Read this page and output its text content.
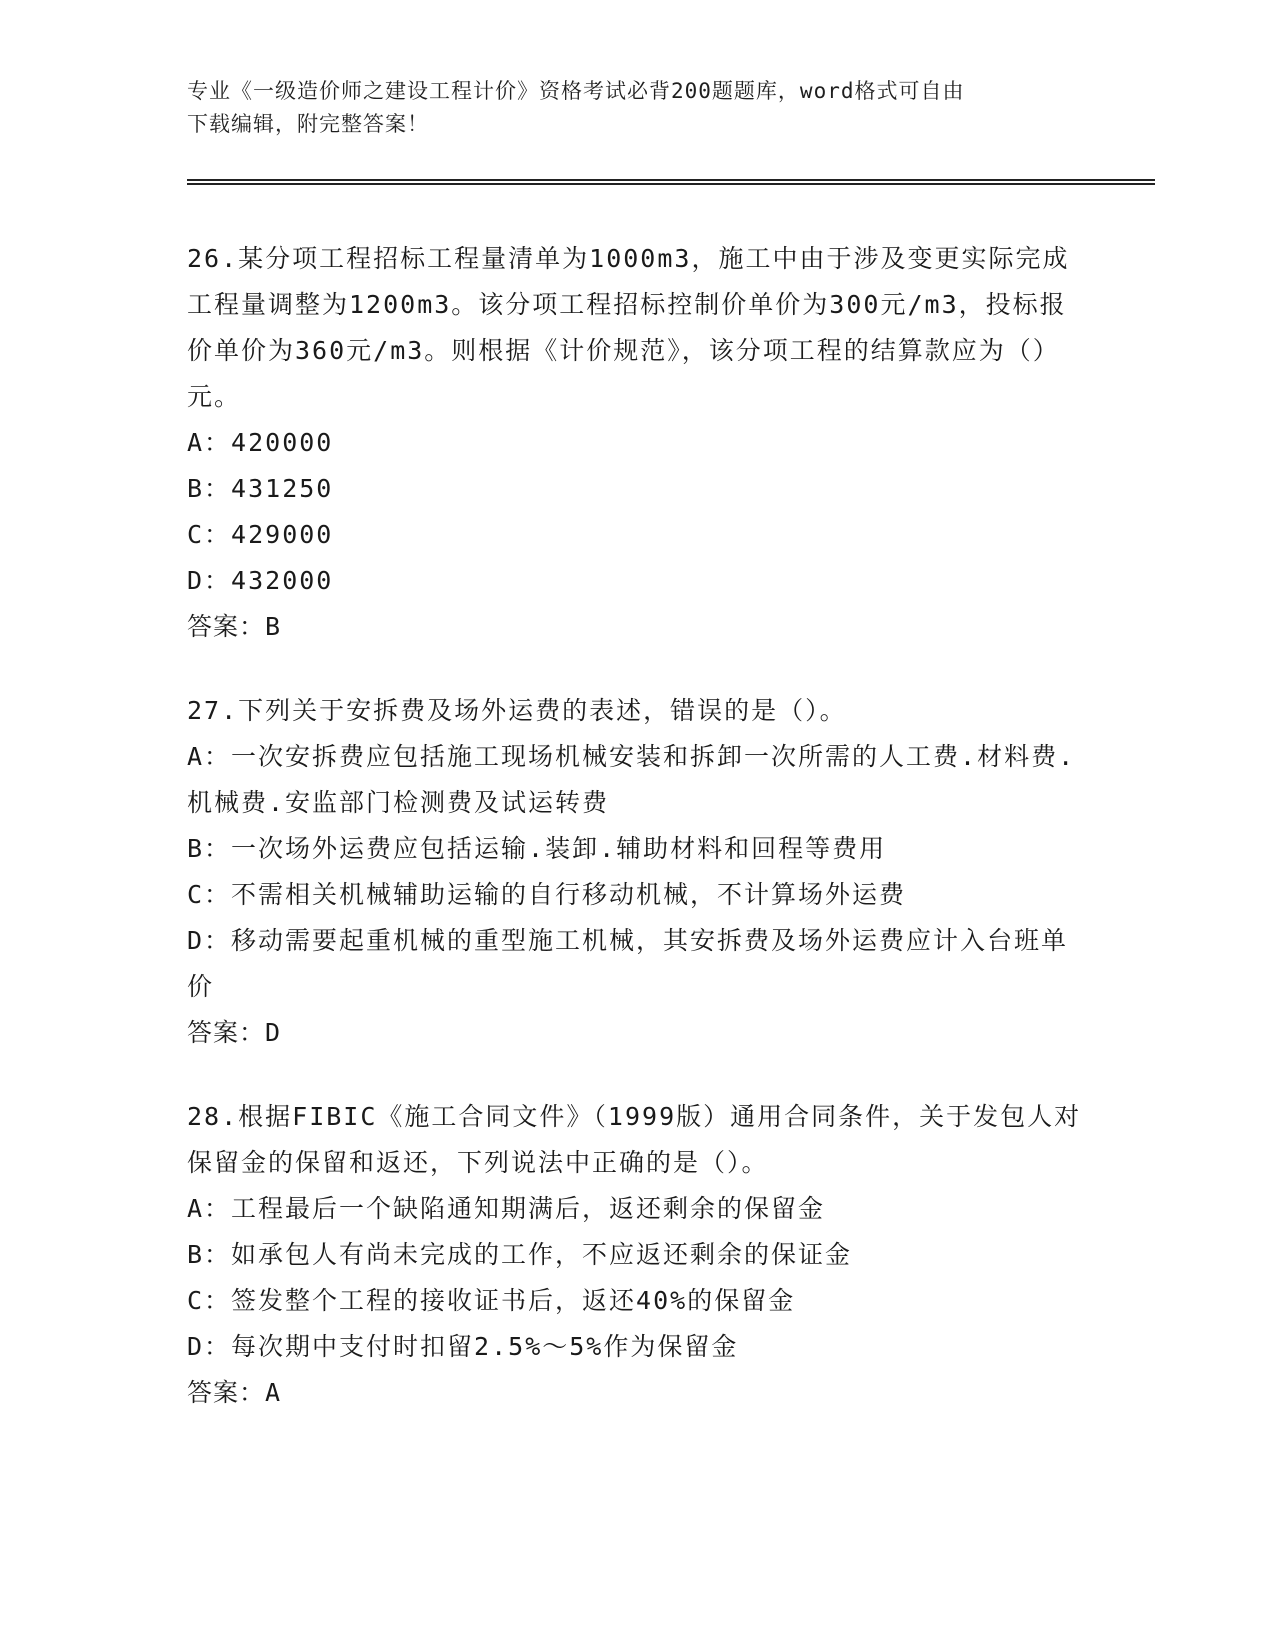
专业《一级造价师之建设工程计价》资格考试必背200题题库，word格式可自由
下载编辑，附完整答案！
26.某分项工程招标工程量清单为1000m3，施工中由于涉及变更实际完成工程量调整为1200m3。该分项工程招标控制价单价为300元/m3，投标报价单价为360元/m3。则根据《计价规范》，该分项工程的结算款应为（）元。
A：420000
B：431250
C：429000
D：432000
答案：B
27.下列关于安拆费及场外运费的表述，错误的是（）。
A：一次安拆费应包括施工现场机械安装和拆卸一次所需的人工费.材料费.机械费.安监部门检测费及试运转费
B：一次场外运费应包括运输.装卸.辅助材料和回程等费用
C：不需相关机械辅助运输的自行移动机械，不计算场外运费
D：移动需要起重机械的重型施工机械，其安拆费及场外运费应计入台班单价
答案：D
28.根据FIBIC《施工合同文件》（1999版）通用合同条件，关于发包人对保留金的保留和返还，下列说法中正确的是（）。
A：工程最后一个缺陷通知期满后，返还剩余的保留金
B：如承包人有尚未完成的工作，不应返还剩余的保证金
C：签发整个工程的接收证书后，返还40%的保留金
D：每次期中支付时扣留2.5%～5%作为保留金
答案：A
